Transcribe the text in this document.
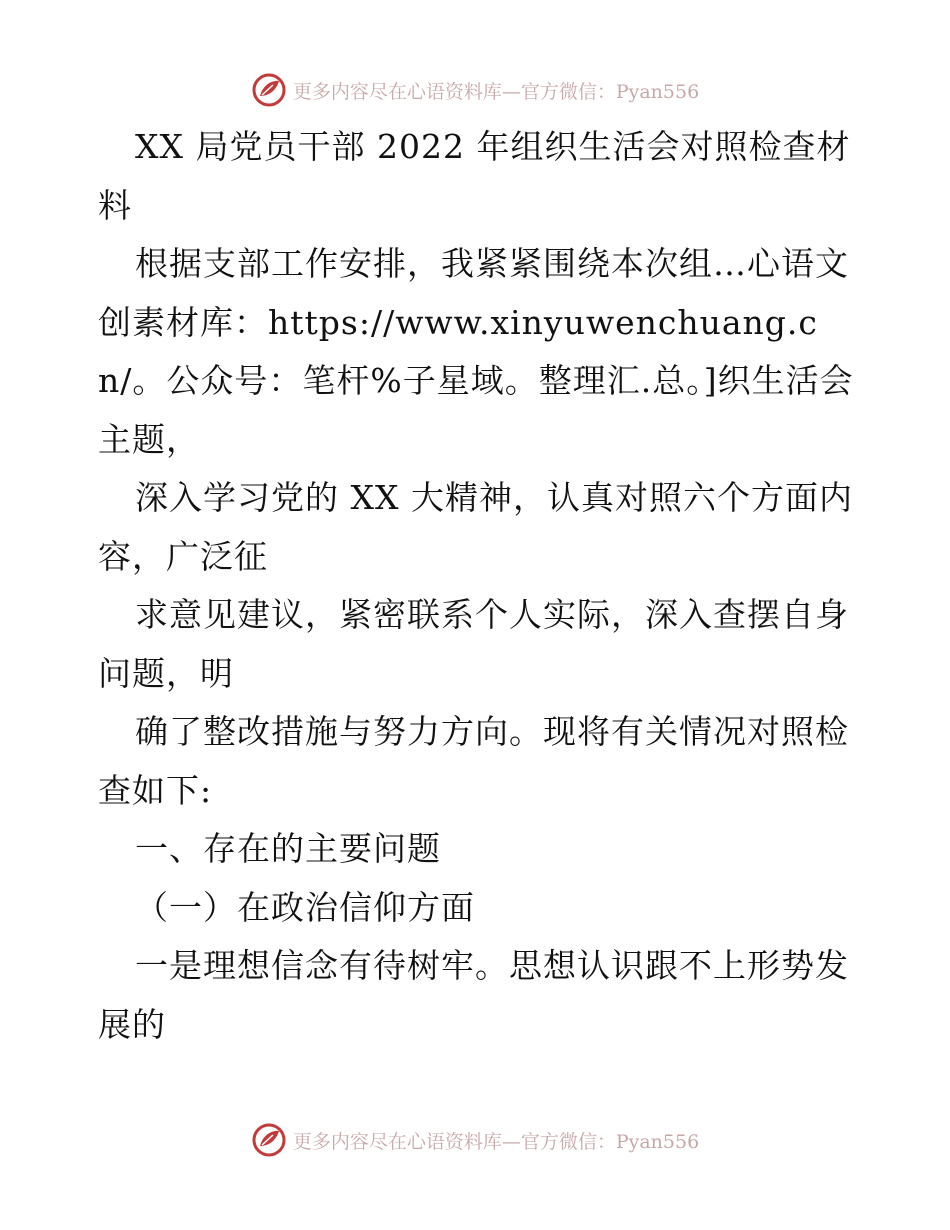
更多内容尽在心语资料库—官方微信：Pyan556

XX 局党员干部 2022 年组织生活会对照检查材料

根据支部工作安排，我紧紧围绕本次组…心语文创素材库：https://www.xinyuwenchuang.cn/。公众号：笔杆%子星域。整理汇.总。]织生活会主题，

深入学习党的 XX 大精神，认真对照六个方面内容，广泛征

求意见建议，紧密联系个人实际，深入查摆自身问题，明

确了整改措施与努力方向。现将有关情况对照检查如下:

一、存在的主要问题

（一）在政治信仰方面

一是理想信念有待树牢。思想认识跟不上形势发展的

更多内容尽在心语资料库—官方微信：Pyan556
